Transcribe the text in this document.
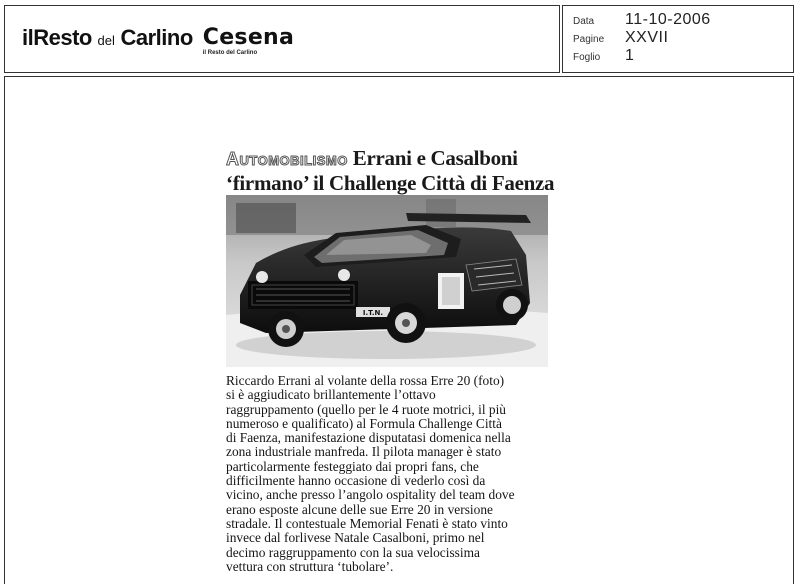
ilResto del Carlino Cesena
il Resto del Carlino
Data	11-10-2006
Pagine	XXVII
Foglio	1
Automobilismo Errani e Casalboni
‘firmano’ il Challenge Città di Faenza
I.T.N.
Riccardo Errani al volante della rossa Erre 20 (foto)
si è aggiudicato brillantemente l’ottavo
raggruppamento (quello per le 4 ruote motrici, il più
numeroso e qualificato) al Formula Challenge Città
di Faenza, manifestazione disputatasi domenica nella
zona industriale manfreda. Il pilota manager è stato
particolarmente festeggiato dai propri fans, che
difficilmente hanno occasione di vederlo così da
vicino, anche presso l’angolo ospitality del team dove
erano esposte alcune delle sue Erre 20 in versione
stradale. Il contestuale Memorial Fenati è stato vinto
invece dal forlivese Natale Casalboni, primo nel
decimo raggruppamento con la sua velocissima
vettura con struttura ‘tubolare’.
